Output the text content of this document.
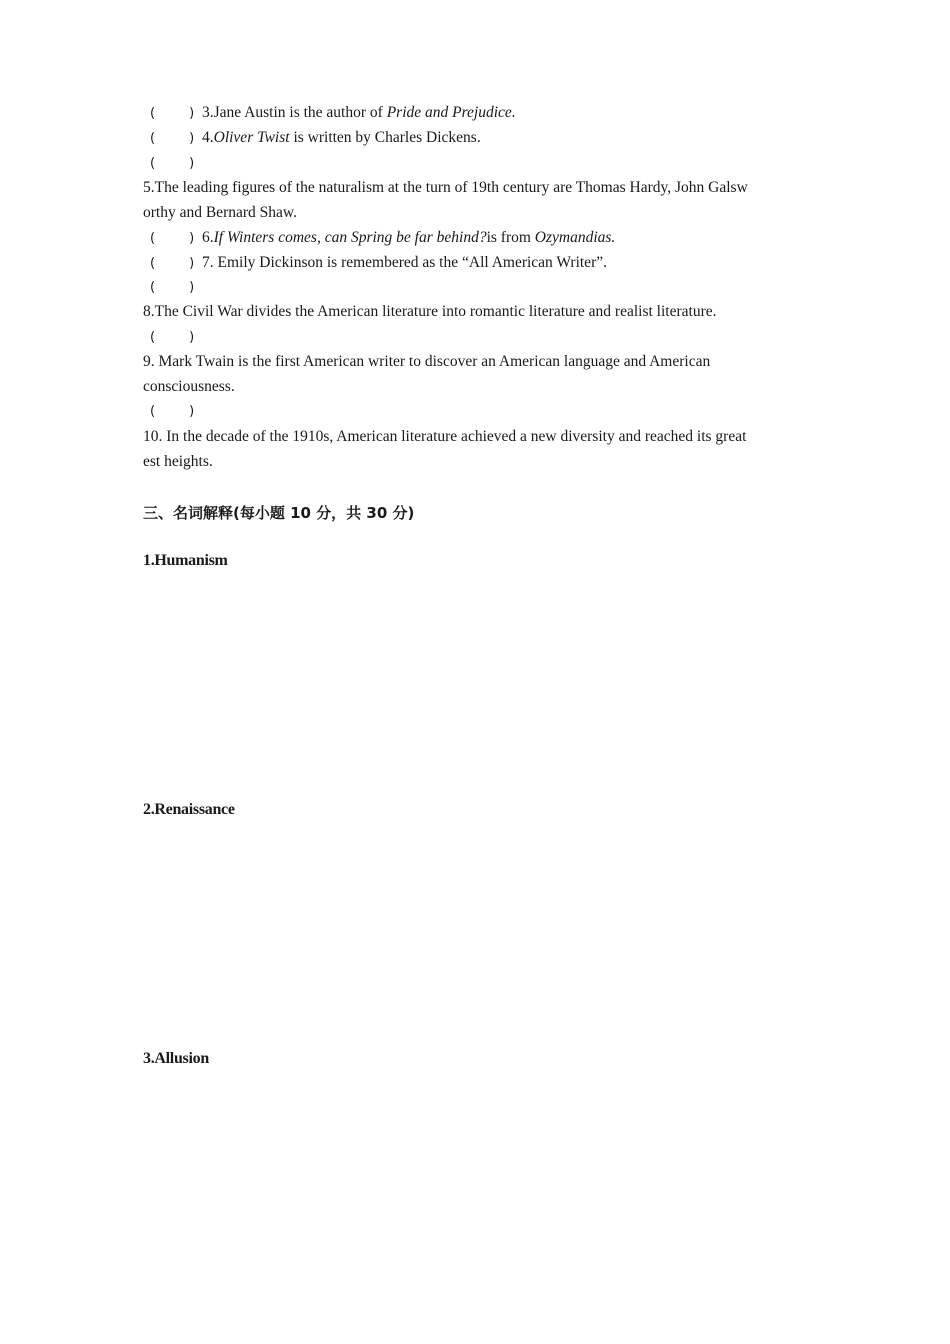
(	) 3.Jane Austin is the author of Pride and Prejudice.
(	) 4.Oliver Twist is written by Charles Dickens.
(	)
5.The leading figures of the naturalism at the turn of 19th century are Thomas Hardy, John Galsw
orthy and Bernard Shaw.
(	) 6.If Winters comes, can Spring be far behind?is from Ozymandias.
(	) 7. Emily Dickinson is remembered as the “All American Writer”.
(	)
8.The Civil War divides the American literature into romantic literature and realist literature.
(	)
9. Mark Twain is the first American writer to discover an American language and American
consciousness.
(	)
10. In the decade of the 1910s, American literature achieved a new diversity and reached its great
est heights.
三、名词解释(每小题 10 分，共 30 分)
1.Humanism
2.Renaissance
3.Allusion
